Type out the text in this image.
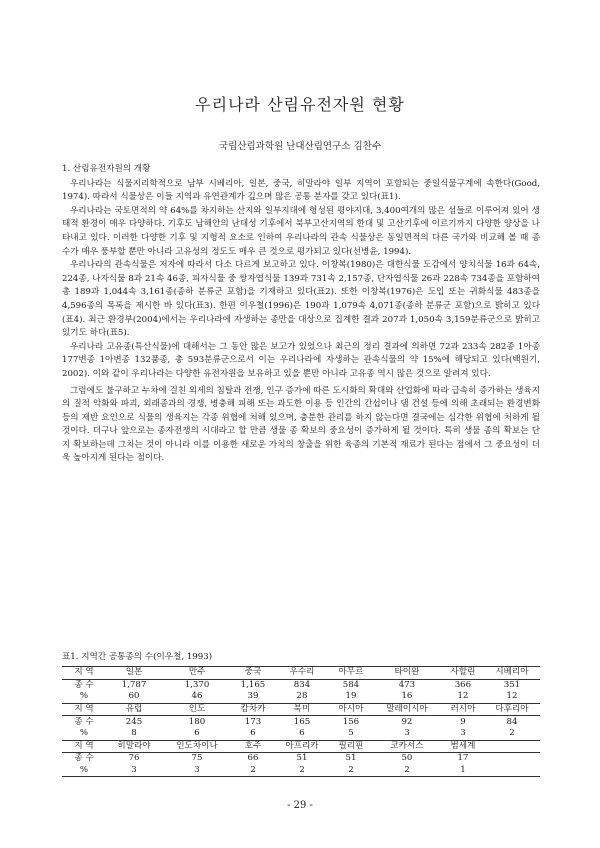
우리나라 산림유전자원 현황
국립산림과학원 난대산림연구소 김찬수

1. 산림유전자원의 개황

우리나라는 식물지리학적으로 남부 시베리아, 일본, 중국, 히말라야 일부 지역이 포함되는 중일식물구계에 속한다(Good, 1974). 따라서 식물상은 이들 지역과 유연관계가 깊으며 많은 공통 분자를 갖고 있다(표1).

우리나라는 국토면적의 약 64%를 차지하는 산지와 일부지대에 형성된 평야지대, 3,400여개의 많은 섬들로 이루어져 있어 생태적 환경이 매우 다양하다. 기후도 남해안의 난대성 기후에서 북부고산지역의 한대 및 고산기후에 이르기까지 다양한 양상을 나타내고 있다. 이러한 다양한 기후 및 지형적 요소로 인하여 우리나라의 관속 식물상은 동일면적의 다른 국가와 비교해 볼 때 종 수가 매우 풍부할 뿐만 아니라 고유성의 정도도 매우 큰 것으로 평가되고 있다(선병윤, 1994).

우리나라의 관속식물은 저자에 따라서 다소 다르게 보고하고 있다. 이창복(1980)은 대한식물 도감에서 양치식물 16과 64속, 224종, 나자식물 8과 21속 46종, 피자식물 중 쌍자엽식물 139과 731속 2,157종, 단자엽식물 26과 228속 734종을 포함하여 총 189과 1,044속 3,161종(종하 분류군 포함)을 기재하고 있다(표2). 또한 이창복(1976)은 도입 또는 귀화식물 483종을 4,596종의 목록을 제시한 바 있다(표3). 한편 이우철(1996)은 190과 1,079속 4,071종(종하 분류군 포함)으로 밝히고 있다(표4). 최근 환경부(2004)에서는 우리나라에 자생하는 종만을 대상으로 집계한 결과 207과 1,050속 3,159분류군으로 밝히고 있기도 하다(표5).

우리나라 고유종(특산식물)에 대해서는 그 동안 많은 보고가 있었으나 최근의 정리 결과에 의하면 72과 233속 282종 1아종 177변종 1아변종 132품종, 총 593분류군으로서 이는 우리나라에 자생하는 관속식물의 약 15%에 해당되고 있다(백원기, 2002). 이와 같이 우리나라는 다양한 유전자원을 보유하고 있을 뿐만 아니라 고유종 역시 많은 것으로 알려져 있다.

그럼에도 불구하고 누차에 걸친 외세의 침탈과 전쟁, 인구 증가에 따른 도시화의 확대와 산업화에 따라 급속히 증가하는 생육지의 질적 악화와 파괴, 외래종과의 경쟁, 병충해 피해 또는 과도한 이용 등 인간의 간섭이나 댐 건설 등에 의해 초래되는 환경변화 등의 제반 요인으로 식물의 생육지는 각종 위협에 처해 있으며, 충분한 관리를 하지 않는다면 결국에는 심각한 위협에 처하게 될 것이다. 더구나 앞으로는 종자전쟁의 시대라고 할 만큼 생물 종 확보의 중요성이 증가하게 될 것이다. 특히 생물 종의 확보는 단지 확보하는데 그치는 것이 아니라 이를 이용한 새로운 가치의 창출을 위한 육종의 기본적 재료가 된다는 점에서 그 중요성이 더욱 높아지게 된다는 점이다.

표1. 지역간 공통종의 수(이우철, 1993)
지 역	일본	만주	중국	우수리	아무르	타이완	사할린	시베리아
종 수	1,787	1,370	1,165	834	584	473	366	351
%	60	46	39	28	19	16	12	12
지 역	유럽	인도	캄차카	북미	아시아	말레이시아	러시아	다후리아
종 수	245	180	173	165	156	92	9	84
%	8	6	6	6	5	3	3	2
지 역	히말라야	인도차이나	호주	아프리카	필리핀	코카서스	범세계	
종 수	76	75	66	51	51	50	17	
%	3	3	2	2	2	2	1	
- 29 -
